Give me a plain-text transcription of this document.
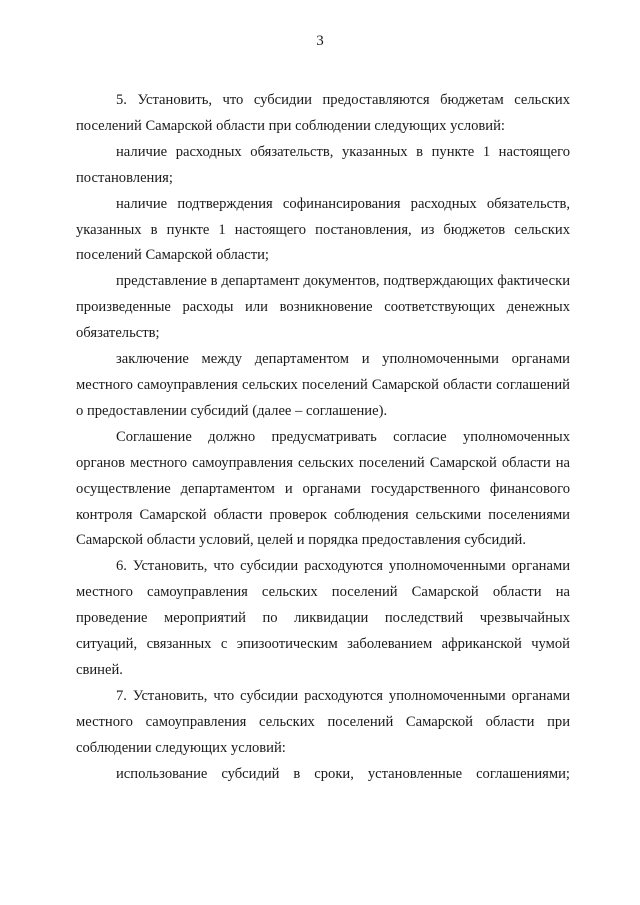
3

5. Установить, что субсидии предоставляются бюджетам сельских поселений Самарской области при соблюдении следующих условий:

наличие расходных обязательств, указанных в пункте 1 настоящего постановления;

наличие подтверждения софинансирования расходных обязательств, указанных в пункте 1 настоящего постановления, из бюджетов сельских поселений Самарской области;

представление в департамент документов, подтверждающих фактически произведенные расходы или возникновение соответствующих денежных обязательств;

заключение между департаментом и уполномоченными органами местного самоуправления сельских поселений Самарской области соглашений о предоставлении субсидий (далее – соглашение).

Соглашение должно предусматривать согласие уполномоченных органов местного самоуправления сельских поселений Самарской области на осуществление департаментом и органами государственного финансового контроля Самарской области проверок соблюдения сельскими поселениями Самарской области условий, целей и порядка предоставления субсидий.

6. Установить, что субсидии расходуются уполномоченными органами местного самоуправления сельских поселений Самарской области на проведение мероприятий по ликвидации последствий чрезвычайных ситуаций, связанных с эпизоотическим заболеванием африканской чумой свиней.

7. Установить, что субсидии расходуются уполномоченными органами местного самоуправления сельских поселений Самарской области при соблюдении следующих условий:

использование субсидий в сроки, установленные соглашениями;
